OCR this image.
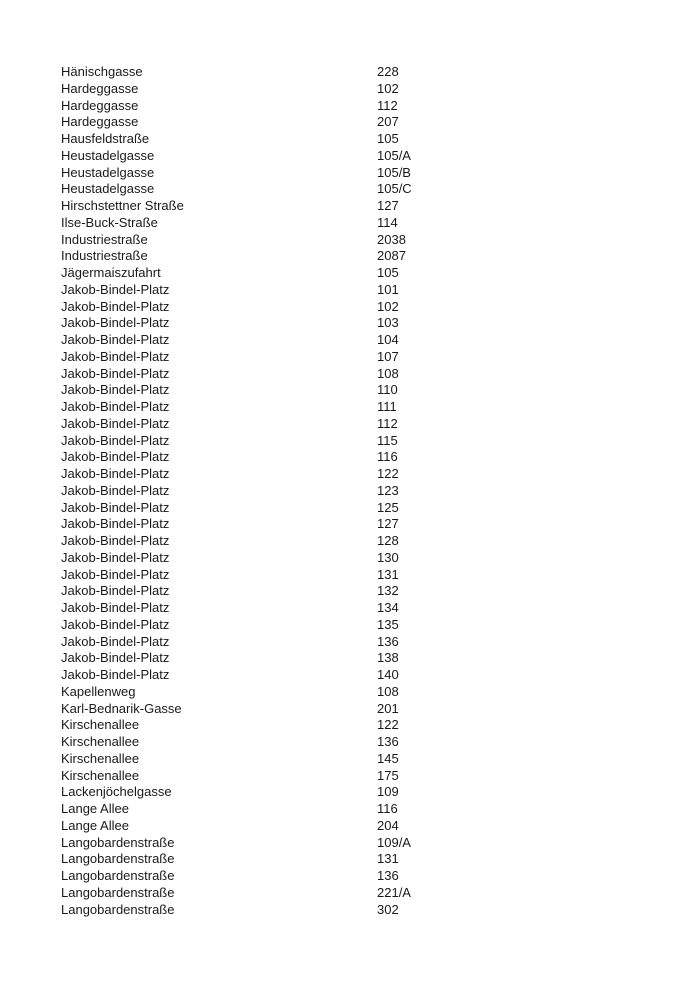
Hänischgasse	228
Hardeggasse	102
Hardeggasse	112
Hardeggasse	207
Hausfeldstraße	105
Heustadelgasse	105/A
Heustadelgasse	105/B
Heustadelgasse	105/C
Hirschstettner Straße	127
Ilse-Buck-Straße	114
Industriestraße	2038
Industriestraße	2087
Jägermaiszufahrt	105
Jakob-Bindel-Platz	101
Jakob-Bindel-Platz	102
Jakob-Bindel-Platz	103
Jakob-Bindel-Platz	104
Jakob-Bindel-Platz	107
Jakob-Bindel-Platz	108
Jakob-Bindel-Platz	110
Jakob-Bindel-Platz	111
Jakob-Bindel-Platz	112
Jakob-Bindel-Platz	115
Jakob-Bindel-Platz	116
Jakob-Bindel-Platz	122
Jakob-Bindel-Platz	123
Jakob-Bindel-Platz	125
Jakob-Bindel-Platz	127
Jakob-Bindel-Platz	128
Jakob-Bindel-Platz	130
Jakob-Bindel-Platz	131
Jakob-Bindel-Platz	132
Jakob-Bindel-Platz	134
Jakob-Bindel-Platz	135
Jakob-Bindel-Platz	136
Jakob-Bindel-Platz	138
Jakob-Bindel-Platz	140
Kapellenweg	108
Karl-Bednarik-Gasse	201
Kirschenallee	122
Kirschenallee	136
Kirschenallee	145
Kirschenallee	175
Lackenjöchelgasse	109
Lange Allee	116
Lange Allee	204
Langobardenstraße	109/A
Langobardenstraße	131
Langobardenstraße	136
Langobardenstraße	221/A
Langobardenstraße	302
